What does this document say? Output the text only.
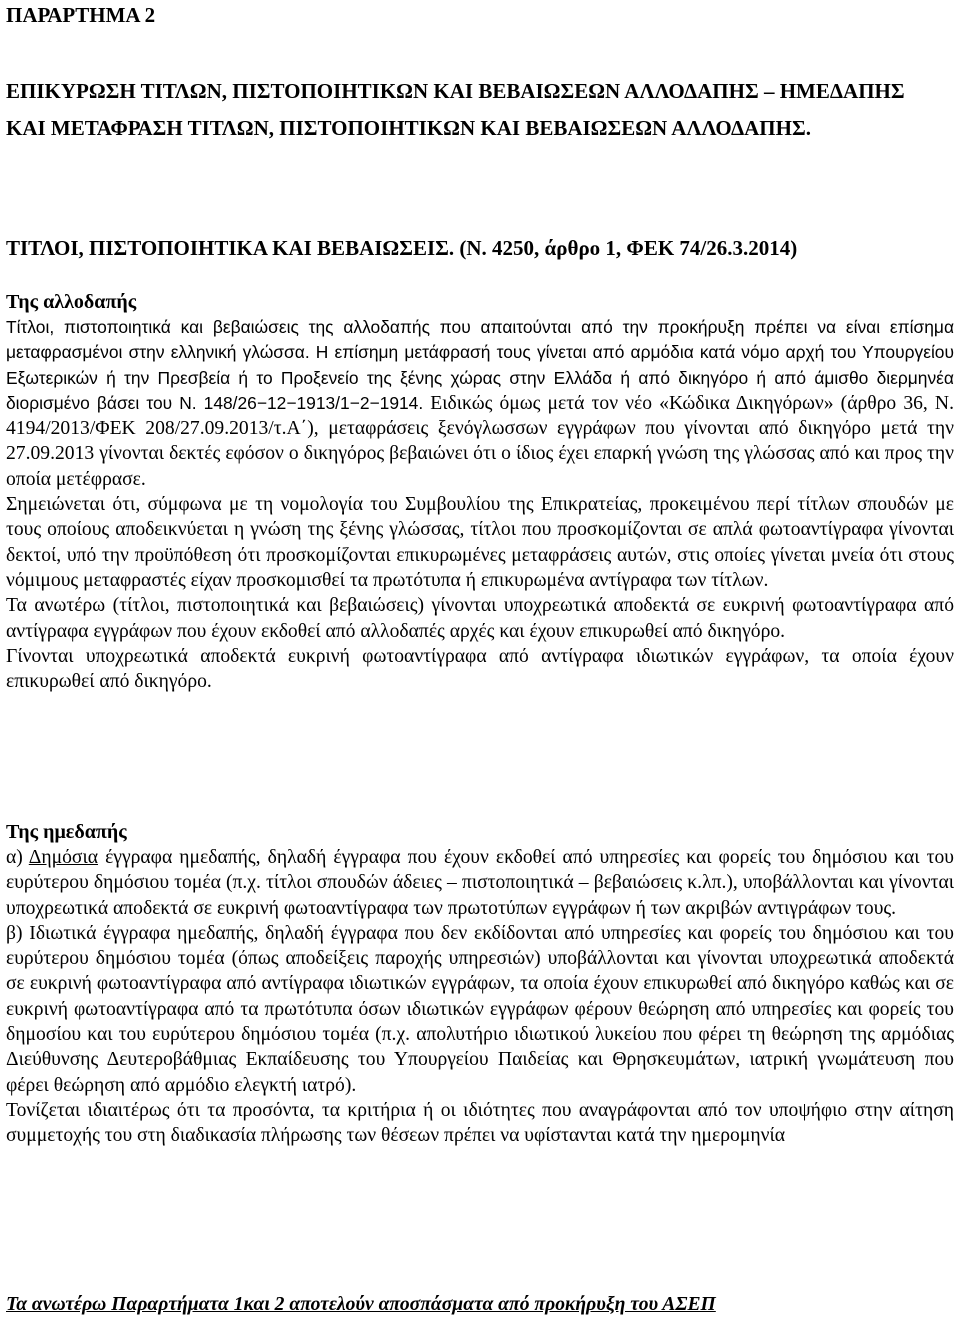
ΠΑΡΑΡΤΗΜΑ 2

ΕΠΙΚΥΡΩΣΗ ΤΙΤΛΩΝ, ΠΙΣΤΟΠΟΙΗΤΙΚΩΝ ΚΑΙ ΒΕΒΑΙΩΣΕΩΝ ΑΛΛΟΔΑΠΗΣ – ΗΜΕΔΑΠΗΣ ΚΑΙ ΜΕΤΑΦΡΑΣΗ ΤΙΤΛΩΝ, ΠΙΣΤΟΠΟΙΗΤΙΚΩΝ ΚΑΙ ΒΕΒΑΙΩΣΕΩΝ ΑΛΛΟΔΑΠΗΣ.

ΤΙΤΛΟΙ, ΠΙΣΤΟΠΟΙΗΤΙΚΑ ΚΑΙ ΒΕΒΑΙΩΣΕΙΣ. (Ν. 4250, άρθρο 1, ΦΕΚ 74/26.3.2014)

Της αλλοδαπής

Τίτλοι, πιστοποιητικά και βεβαιώσεις της αλλοδαπής που απαιτούνται από την προκήρυξη πρέπει να είναι επίσημα μεταφρασμένοι στην ελληνική γλώσσα. Η επίσημη μετάφρασή τους γίνεται από αρμόδια κατά νόμο αρχή του Υπουργείου Εξωτερικών ή την Πρεσβεία ή το Προξενείο της ξένης χώρας στην Ελλάδα ή από δικηγόρο ή από άμισθο διερμηνέα διορισμένο βάσει του Ν. 148/26−12−1913/1−2−1914. Ειδικώς όμως μετά τον νέο «Κώδικα Δικηγόρων» (άρθρο 36, Ν. 4194/2013/ΦΕΚ 208/27.09.2013/τ.Α΄), μεταφράσεις ξενόγλωσσων εγγράφων που γίνονται από δικηγόρο μετά την 27.09.2013 γίνονται δεκτές εφόσον ο δικηγόρος βεβαιώνει ότι ο ίδιος έχει επαρκή γνώση της γλώσσας από και προς την οποία μετέφρασε.

Σημειώνεται ότι, σύμφωνα με τη νομολογία του Συμβουλίου της Επικρατείας, προκειμένου περί τίτλων σπουδών με τους οποίους αποδεικνύεται η γνώση της ξένης γλώσσας, τίτλοι που προσκομίζονται σε απλά φωτοαντίγραφα γίνονται δεκτοί, υπό την προϋπόθεση ότι προσκομίζονται επικυρωμένες μεταφράσεις αυτών, στις οποίες γίνεται μνεία ότι στους νόμιμους μεταφραστές είχαν προσκομισθεί τα πρωτότυπα ή επικυρωμένα αντίγραφα των τίτλων.

Τα ανωτέρω (τίτλοι, πιστοποιητικά και βεβαιώσεις) γίνονται υποχρεωτικά αποδεκτά σε ευκρινή φωτοαντίγραφα από αντίγραφα εγγράφων που έχουν εκδοθεί από αλλοδαπές αρχές και έχουν επικυρωθεί από δικηγόρο.

Γίνονται υποχρεωτικά αποδεκτά ευκρινή φωτοαντίγραφα από αντίγραφα ιδιωτικών εγγράφων, τα οποία έχουν επικυρωθεί από δικηγόρο.

Της ημεδαπής

α) Δημόσια έγγραφα ημεδαπής, δηλαδή έγγραφα που έχουν εκδοθεί από υπηρεσίες και φορείς του δημόσιου και του ευρύτερου δημόσιου τομέα (π.χ. τίτλοι σπουδών άδειες – πιστοποιητικά – βεβαιώσεις κ.λπ.), υποβάλλονται και γίνονται υποχρεωτικά αποδεκτά σε ευκρινή φωτοαντίγραφα των πρωτοτύπων εγγράφων ή των ακριβών αντιγράφων τους.

β) Ιδιωτικά έγγραφα ημεδαπής, δηλαδή έγγραφα που δεν εκδίδονται από υπηρεσίες και φορείς του δημόσιου και του ευρύτερου δημόσιου τομέα (όπως αποδείξεις παροχής υπηρεσιών) υποβάλλονται και γίνονται υποχρεωτικά αποδεκτά σε ευκρινή φωτοαντίγραφα από αντίγραφα ιδιωτικών εγγράφων, τα οποία έχουν επικυρωθεί από δικηγόρο καθώς και σε ευκρινή φωτοαντίγραφα από τα πρωτότυπα όσων ιδιωτικών εγγράφων φέρουν θεώρηση από υπηρεσίες και φορείς του δημοσίου και του ευρύτερου δημόσιου τομέα (π.χ. απολυτήριο ιδιωτικού λυκείου που φέρει τη θεώρηση της αρμόδιας Διεύθυνσης Δευτεροβάθμιας Εκπαίδευσης του Υπουργείου Παιδείας και Θρησκευμάτων, ιατρική γνωμάτευση που φέρει θεώρηση από αρμόδιο ελεγκτή ιατρό).

Τονίζεται ιδιαιτέρως ότι τα προσόντα, τα κριτήρια ή οι ιδιότητες που αναγράφονται από τον υποψήφιο στην αίτηση συμμετοχής του στη διαδικασία πλήρωσης των θέσεων πρέπει να υφίστανται κατά την ημερομηνία

Τα ανωτέρω Παραρτήματα 1και 2 αποτελούν αποσπάσματα από προκήρυξη του ΑΣΕΠ
